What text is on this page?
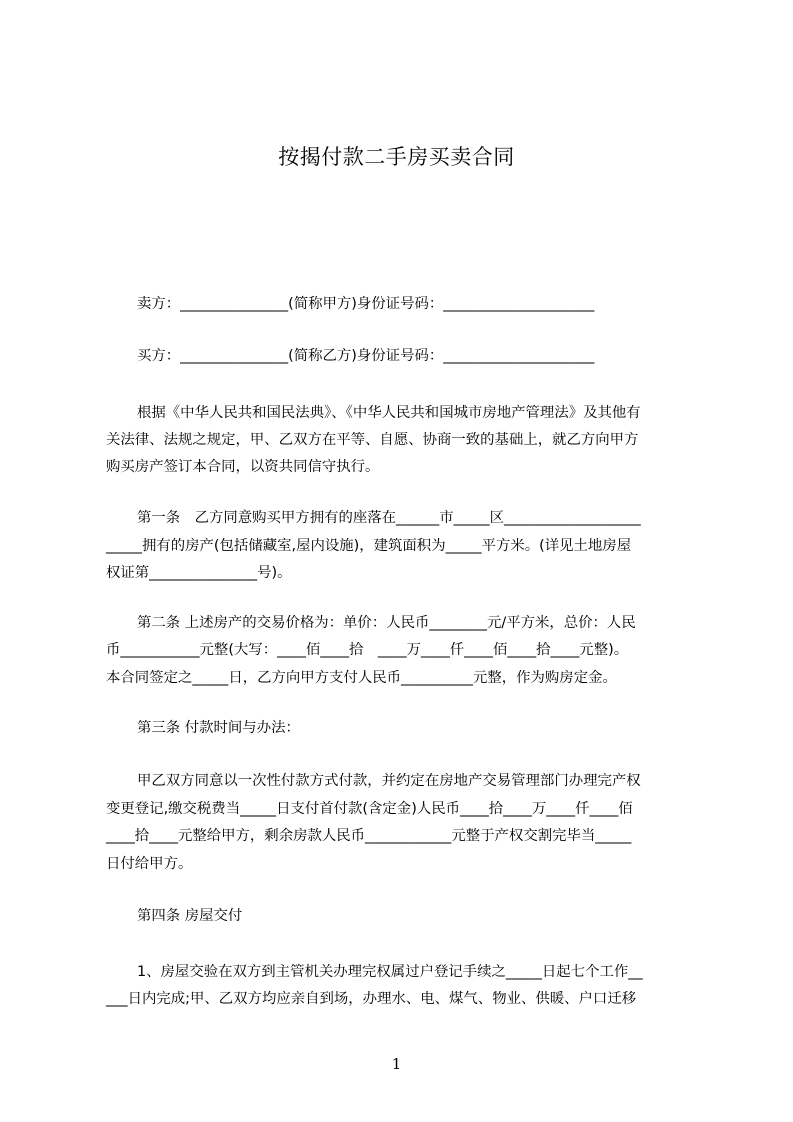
按揭付款二手房买卖合同
卖方：_______________(简称甲方)身份证号码：_____________________
买方：_______________(简称乙方)身份证号码：_____________________
根据《中华人民共和国民法典》、《中华人民共和国城市房地产管理法》及其他有
关法律、法规之规定，甲、乙双方在平等、自愿、协商一致的基础上，就乙方向甲方
购买房产签订本合同，以资共同信守执行。
第一条　乙方同意购买甲方拥有的座落在______市_____区___________________
_____拥有的房产(包括储藏室,屋内设施)，建筑面积为_____平方米。(详见土地房屋
权证第_______________号)。
第二条 上述房产的交易价格为：单价：人民币________元/平方米，总价：人民
币___________元整(大写：____佰____拾　____万____仟____佰____拾____元整)。
本合同签定之_____日，乙方向甲方支付人民币__________元整，作为购房定金。
第三条 付款时间与办法：
甲乙双方同意以一次性付款方式付款，并约定在房地产交易管理部门办理完产权
变更登记,缴交税费当_____日支付首付款(含定金)人民币____拾____万____仟____佰
____拾____元整给甲方，剩余房款人民币____________元整于产权交割完毕当_____
日付给甲方。
第四条 房屋交付
1、房屋交验在双方到主管机关办理完权属过户登记手续之_____日起七个工作__
___日内完成;甲、乙双方均应亲自到场，办理水、电、煤气、物业、供暖、户口迁移
1
